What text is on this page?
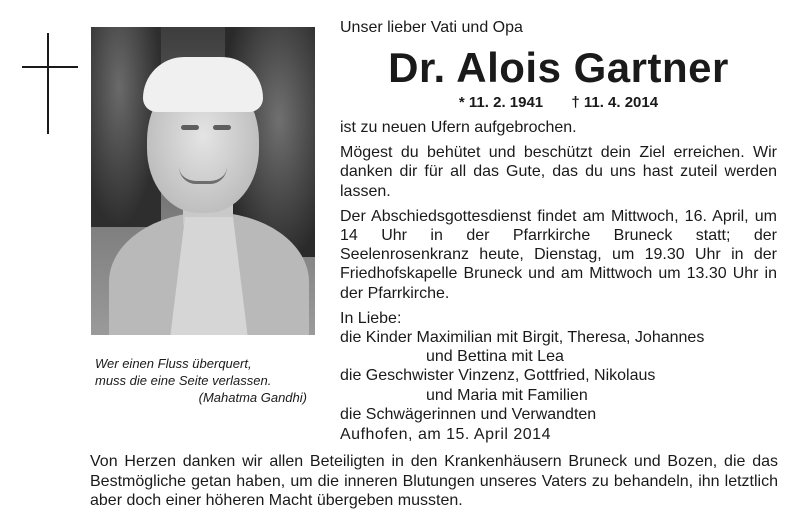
Wer einen Fluss überquert,
muss die eine Seite verlassen.
(Mahatma Gandhi)
Unser lieber Vati und Opa
Dr. Alois Gartner
* 11. 2. 1941 † 11. 4. 2014

ist zu neuen Ufern aufgebrochen.

Mögest du behütet und beschützt dein Ziel erreichen. Wir danken dir für all das Gute, das du uns hast zuteil werden lassen.

Der Abschiedsgottesdienst findet am Mittwoch, 16. April, um 14 Uhr in der Pfarrkirche Bruneck statt; der Seelenrosenkranz heute, Dienstag, um 19.30 Uhr in der Friedhofskapelle Bruneck und am Mittwoch um 13.30 Uhr in der Pfarrkirche.

In Liebe:
die Kinder Maximilian mit Birgit, Theresa, Johannes
und Bettina mit Lea
die Geschwister Vinzenz, Gottfried, Nikolaus
und Maria mit Familien
die Schwägerinnen und Verwandten
Aufhofen, am 15. April 2014
Von Herzen danken wir allen Beteiligten in den Krankenhäusern Bruneck und Bozen, die das Bestmögliche getan haben, um die inneren Blutungen unseres Vaters zu behandeln, ihn letztlich aber doch einer höheren Macht übergeben mussten.
